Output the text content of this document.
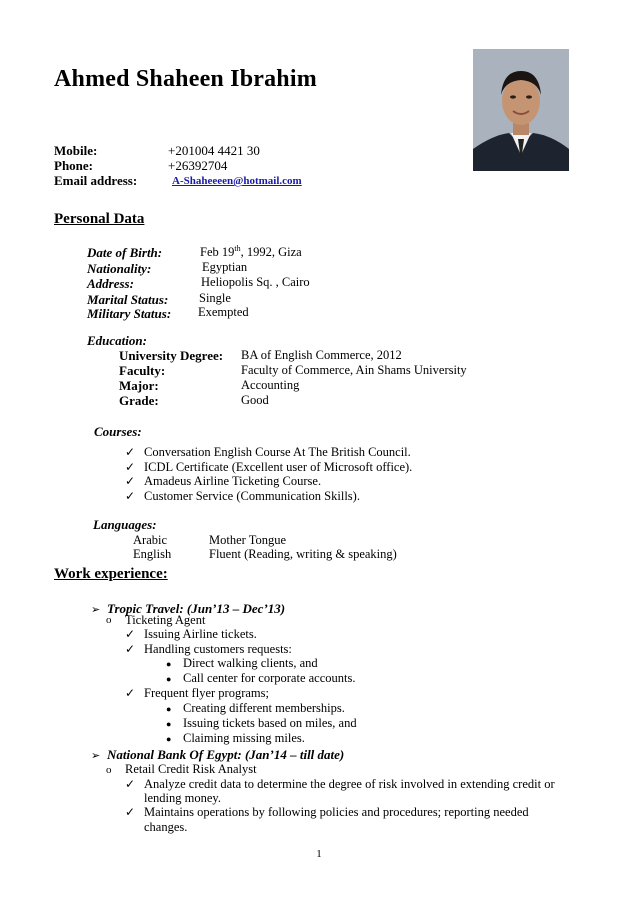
Ahmed Shaheen Ibrahim
Mobile:	+201004 4421 30
Phone:	+26392704
Email address:	A-Shaheeeen@hotmail.com
Personal Data
Date of Birth:	Feb 19th, 1992, Giza
Nationality:	Egyptian
Address:	Heliopolis Sq. , Cairo
Marital Status: Single
Military Status: Exempted
Education:
University Degree: BA of English Commerce, 2012
Faculty:	Faculty of Commerce, Ain Shams University
Major:	Accounting
Grade:	Good
Courses:
✓ Conversation English Course At The British Council.
✓ ICDL Certificate (Excellent user of Microsoft office).
✓ Amadeus Airline Ticketing Course.
✓ Customer Service (Communication Skills).
Languages:
Arabic	Mother Tongue
English	Fluent (Reading, writing & speaking)
Work experience:
➢ Tropic Travel: (Jun’13 – Dec’13)
o Ticketing Agent
✓ Issuing Airline tickets.
✓ Handling customers requests:
● Direct walking clients, and
● Call center for corporate accounts.
✓ Frequent flyer programs;
● Creating different memberships.
● Issuing tickets based on miles, and
● Claiming missing miles.
➢ National Bank Of Egypt: (Jan’14 – till date)
o Retail Credit Risk Analyst
✓ Analyze credit data to determine the degree of risk involved in extending credit or
lending money.
✓ Maintains operations by following policies and procedures; reporting needed
changes.
1
